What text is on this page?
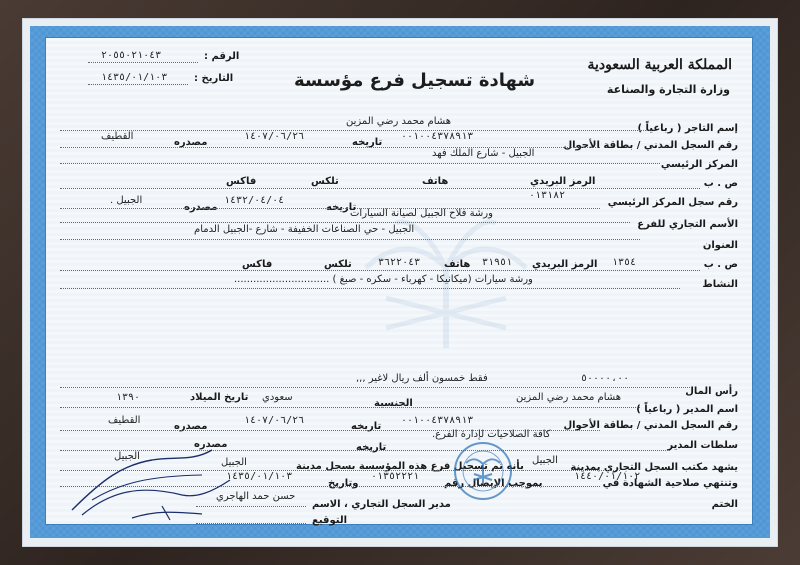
المملكة العربية السعودية
وزارة التجارة والصناعة
شهادة تسجيل فرع مؤسسة
الرقم :
٢٠٥٥٠٢١٠٤٣
التاريخ :
١٤٣٥/٠١/١٠٣
إسم التاجر ( رباعياً )
هشام محمد رضي المزين
رقم السجل المدني / بطاقة الأحوال
٠٠١٠٠٤٣٧٨٩١٣
تاريخه
١٤٠٧/٠٦/٢٦
مصدره
القطيف
المركز الرئيسي
الجبيل - شارع الملك فهد
ص . ب
الرمز البريدي
هاتف
تلكس
فاكس
رقم سجل المركز الرئيسي
٠١٣١٨٢
تاريخه
١٤٣٢/٠٤/٠٤
مصدره
الجبيل .
الأسم التجاري للفرع
ورشة فلاح الجبيل لصيانة السيارات
العنوان
الجبيل - حي الصناعات الخفيفة - شارع -الجبيل الدمام
ص . ب
١٣٥٤
الرمز البريدي
٣١٩٥١
هاتف
٣٦٢٢٠٤٣
تلكس
فاكس
النشاط
ورشة سيارات (ميكانيكا - كهرباء - سكره - صبغ ) ..............................
رأس المال
٥٠٠٠٠،٠٠
فقط خمسون ألف ريال لاغير ,,,
اسم المدير ( رباعياً )
هشام محمد رضي المزين
الجنسية
سعودي
تاريخ الميلاد
١٣٩٠
رقم السجل المدني / بطاقة الأحوال
٠٠١٠٠٤٣٧٨٩١٣
تاريخه
١٤٠٧/٠٦/٢٦
مصدره
القطيف
سلطات المدير
كافة الصلاحيات لإدارة الفرع.
تاريخه
مصدره
الجبيل
يشهد مكتب السجل التجاري بمدينة
الجبيل
بأنه تم تسجيل فرع هذه المؤسسة بسجل مدينة
الجبيل
وتنتهي صلاحية الشهادة في
١٤٤٠/٠١/١٠٢
بموجب الإيصال رقم
٠١٣٥٢٢٢١
وتاريخ
١٤٣٥/٠١/١٠٣
الختم
مدير السجل التجاري ، الاسم
حسن حمد الهاجري
التوقيع
